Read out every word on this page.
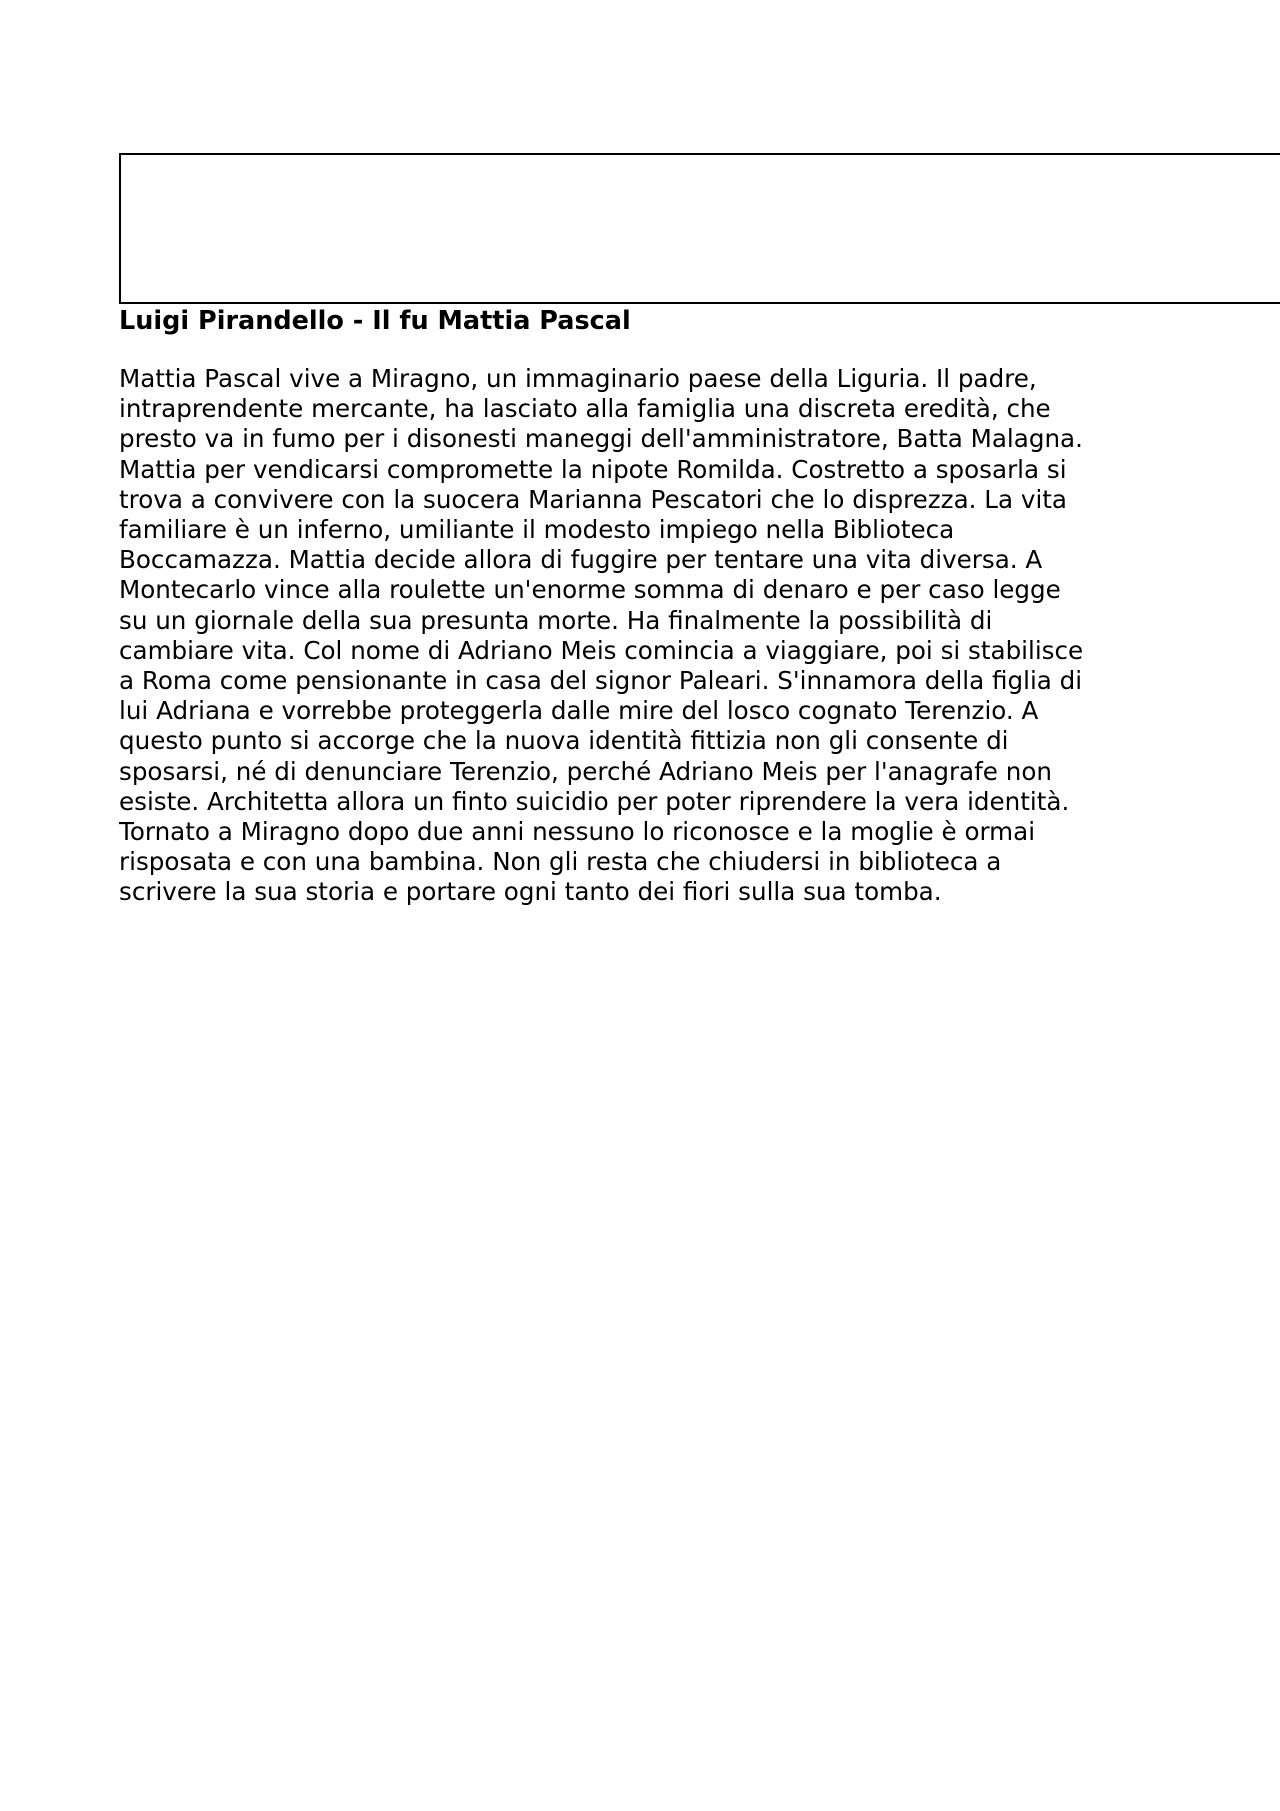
Luigi Pirandello - Il fu Mattia Pascal

Mattia Pascal vive a Miragno, un immaginario paese della Liguria. Il padre,
intraprendente mercante, ha lasciato alla famiglia una discreta eredità, che
presto va in fumo per i disonesti maneggi dell'amministratore, Batta Malagna.
Mattia per vendicarsi compromette la nipote Romilda. Costretto a sposarla si
trova a convivere con la suocera Marianna Pescatori che lo disprezza. La vita
familiare è un inferno, umiliante il modesto impiego nella Biblioteca
Boccamazza. Mattia decide allora di fuggire per tentare una vita diversa. A
Montecarlo vince alla roulette un'enorme somma di denaro e per caso legge
su un giornale della sua presunta morte. Ha finalmente la possibilità di
cambiare vita. Col nome di Adriano Meis comincia a viaggiare, poi si stabilisce
a Roma come pensionante in casa del signor Paleari. S'innamora della figlia di
lui Adriana e vorrebbe proteggerla dalle mire del losco cognato Terenzio. A
questo punto si accorge che la nuova identità fittizia non gli consente di
sposarsi, né di denunciare Terenzio, perché Adriano Meis per l'anagrafe non
esiste. Architetta allora un finto suicidio per poter riprendere la vera identità.
Tornato a Miragno dopo due anni nessuno lo riconosce e la moglie è ormai
risposata e con una bambina. Non gli resta che chiudersi in biblioteca a
scrivere la sua storia e portare ogni tanto dei fiori sulla sua tomba.
